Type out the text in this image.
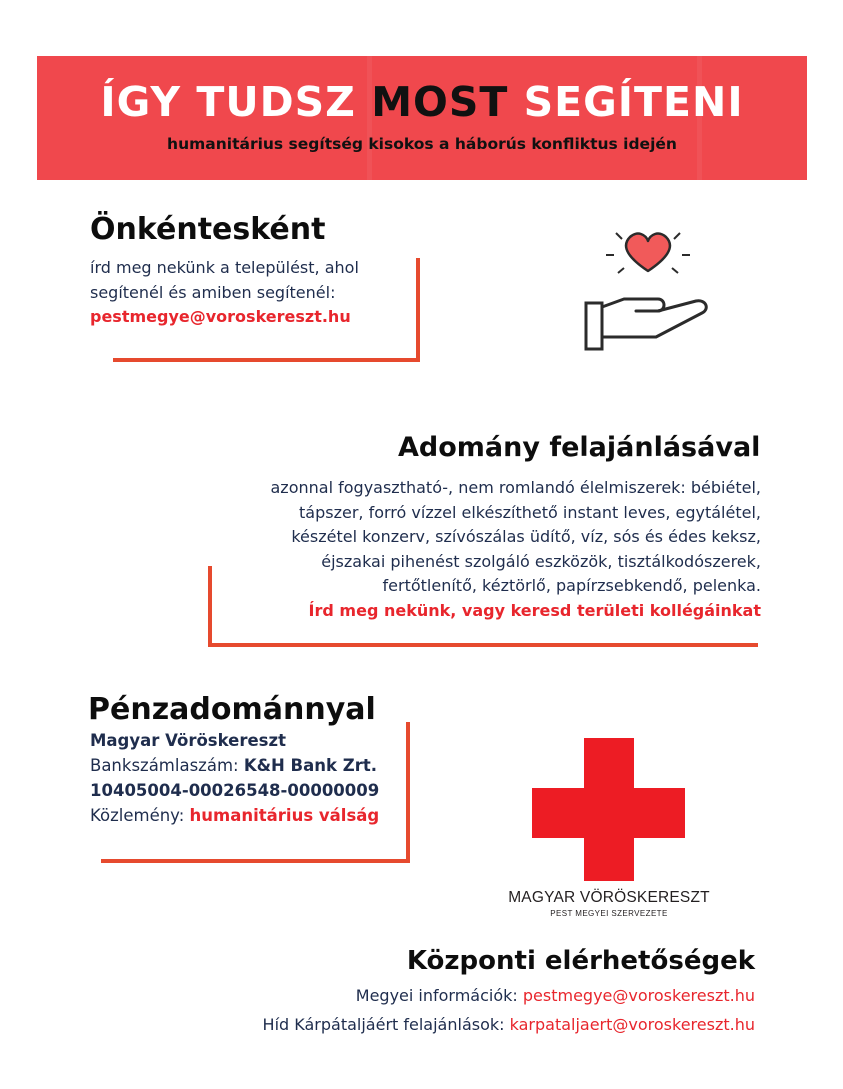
ÍGY TUDSZ MOST SEGÍTENI
humanitárius segítség kisokos a háborús konfliktus idején
Önkéntesként
írd meg nekünk a települést, ahol
segítenél és amiben segítenél:
pestmegye@voroskereszt.hu
Adomány felajánlásával
azonnal fogyasztható-, nem romlandó élelmiszerek: bébiétel,
tápszer, forró vízzel elkészíthető instant leves, egytálétel,
készétel konzerv, szívószálas üdítő, víz, sós és édes keksz,
éjszakai pihenést szolgáló eszközök, tisztálkodószerek,
fertőtlenítő, kéztörlő, papírzsebkendő, pelenka.
Írd meg nekünk, vagy keresd területi kollégáinkat
Pénzadománnyal
Magyar Vöröskereszt
Bankszámlaszám: K&H Bank Zrt.
10405004-00026548-00000009
Közlemény: humanitárius válság
MAGYAR VÖRÖSKERESZT
PEST MEGYEI SZERVEZETE
Központi elérhetőségek
Megyei információk: pestmegye@voroskereszt.hu
Híd Kárpátaljáért felajánlások: karpataljaert@voroskereszt.hu
